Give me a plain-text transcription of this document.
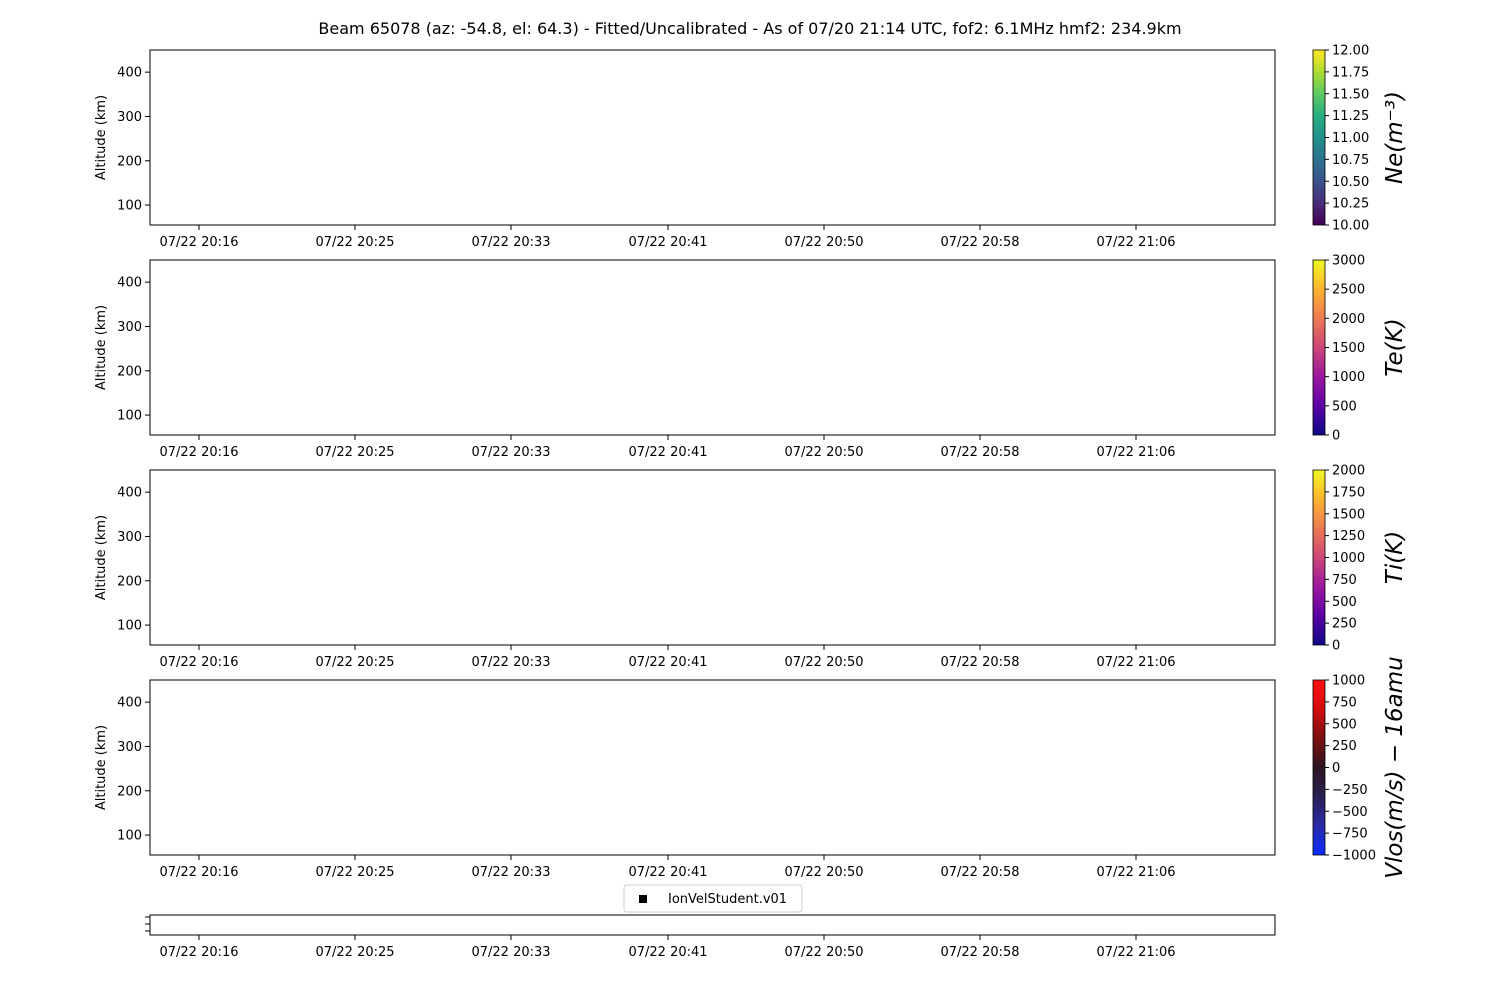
Beam 65078 (az: -54.8, el: 64.3) - Fitted/Uncalibrated - As of 07/20 21:14 UTC, fof2: 6.1MHz hmf2: 234.9km
100
200
300
400
Altitude (km)
07/22 20:16	07/22 20:25	07/22 20:33	07/22 20:41	07/22 20:50	07/22 20:58	07/22 21:06
10.00
10.25
10.50
10.75
11.00
11.25
11.50
11.75
12.00
Ne(m⁻³)
100
200
300
400
Altitude (km)
07/22 20:16	07/22 20:25	07/22 20:33	07/22 20:41	07/22 20:50	07/22 20:58	07/22 21:06
0
500
1000
1500
2000
2500
3000
Te(K)
100
200
300
400
Altitude (km)
07/22 20:16	07/22 20:25	07/22 20:33	07/22 20:41	07/22 20:50	07/22 20:58	07/22 21:06
0
250
500
750
1000
1250
1500
1750
2000
Ti(K)
100
200
300
400
Altitude (km)
07/22 20:16	07/22 20:25	07/22 20:33	07/22 20:41	07/22 20:50	07/22 20:58	07/22 21:06
−1000
−750
−500
−250
0
250
500
750
1000 Vlos(m/s) − 16amu
07/22 20:16	07/22 20:25	07/22 20:33	07/22 20:41	07/22 20:50	07/22 20:58	07/22 21:06
IonVelStudent.v01
